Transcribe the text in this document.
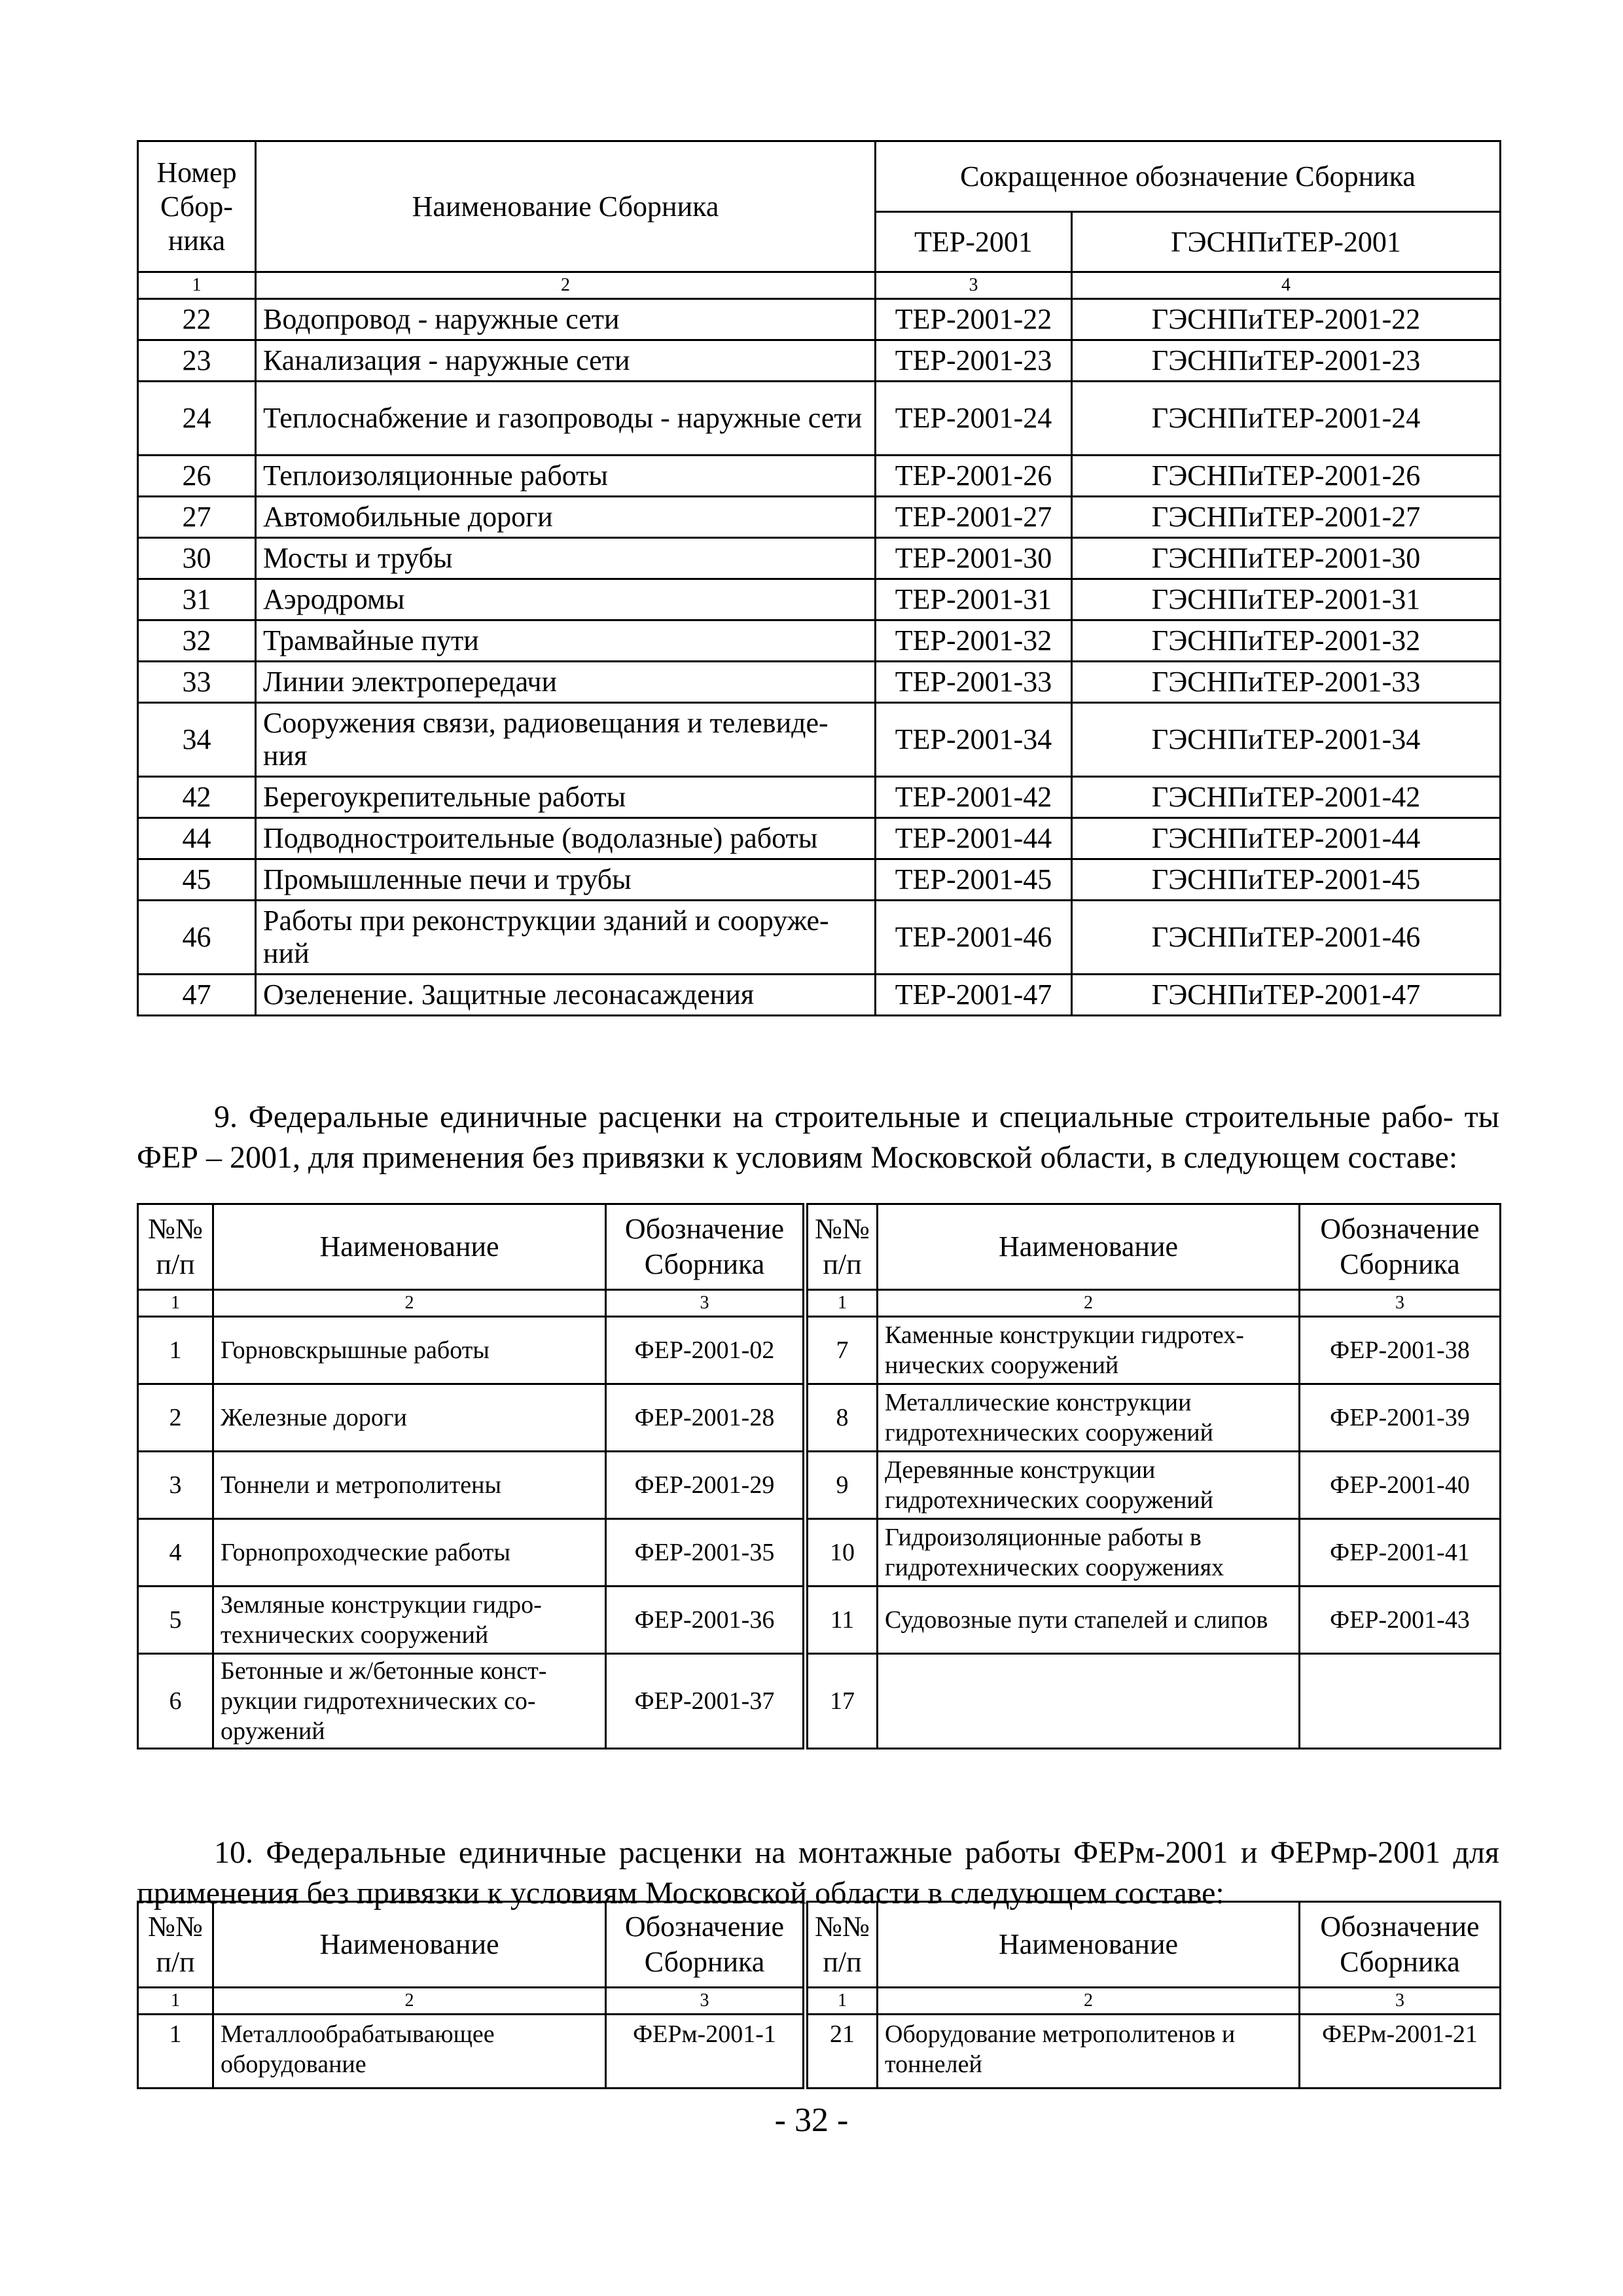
Номер Сбор- ника	Наименование Сборника	Сокращенное обозначение Сборника	
		ТЕР-2001	ГЭСНПиТЕР-2001
1	2	3	4
22	Водопровод - наружные сети	ТЕР-2001-22	ГЭСНПиТЕР-2001-22
23	Канализация - наружные сети	ТЕР-2001-23	ГЭСНПиТЕР-2001-23
24	Теплоснабжение и газопроводы - наружные сети	ТЕР-2001-24	ГЭСНПиТЕР-2001-24
26	Теплоизоляционные работы	ТЕР-2001-26	ГЭСНПиТЕР-2001-26
27	Автомобильные дороги	ТЕР-2001-27	ГЭСНПиТЕР-2001-27
30	Мосты и трубы	ТЕР-2001-30	ГЭСНПиТЕР-2001-30
31	Аэродромы	ТЕР-2001-31	ГЭСНПиТЕР-2001-31
32	Трамвайные пути	ТЕР-2001-32	ГЭСНПиТЕР-2001-32
33	Линии электропередачи	ТЕР-2001-33	ГЭСНПиТЕР-2001-33
34	Сооружения связи, радиовещания и телевиде- ния	ТЕР-2001-34	ГЭСНПиТЕР-2001-34
42	Берегоукрепительные работы	ТЕР-2001-42	ГЭСНПиТЕР-2001-42
44	Подводностроительные (водолазные) работы	ТЕР-2001-44	ГЭСНПиТЕР-2001-44
45	Промышленные печи и трубы	ТЕР-2001-45	ГЭСНПиТЕР-2001-45
46	Работы при реконструкции зданий и сооруже- ний	ТЕР-2001-46	ГЭСНПиТЕР-2001-46
47	Озеленение. Защитные лесонасаждения	ТЕР-2001-47	ГЭСНПиТЕР-2001-47

9. Федеральные единичные расценки на строительные и специальные строительные рабо- ты ФЕР – 2001, для применения без привязки к условиям Московской области, в следующем составе:

№№ п/п	Наименование	Обозначение Сборника	№№ п/п	Наименование	Обозначение Сборника
1	2	3	1	2	3
1	Горновскрышные работы	ФЕР-2001-02	7	Каменные конструкции гидротех- нических сооружений	ФЕР-2001-38
2	Железные дороги	ФЕР-2001-28	8	Металлические конструкции гидротехнических сооружений	ФЕР-2001-39
3	Тоннели и метрополитены	ФЕР-2001-29	9	Деревянные конструкции гидротехнических сооружений	ФЕР-2001-40
4	Горнопроходческие работы	ФЕР-2001-35	10	Гидроизоляционные работы в гидротехнических сооружениях	ФЕР-2001-41
5	Земляные конструкции гидро- технических сооружений	ФЕР-2001-36	11	Судовозные пути стапелей и слипов	ФЕР-2001-43
6	Бетонные и ж/бетонные конст- рукции гидротехнических со- оружений	ФЕР-2001-37	17		

10. Федеральные единичные расценки на монтажные работы ФЕРм-2001 и ФЕРмр-2001 для применения без привязки к условиям Московской области в следующем составе:

№№ п/п	Наименование	Обозначение Сборника	№№ п/п	Наименование	Обозначение Сборника
1	2	3	1	2	3
1	Металлообрабатывающее оборудование	ФЕРм-2001-1	21	Оборудование метрополитенов и тоннелей	ФЕРм-2001-21
- 32 -
